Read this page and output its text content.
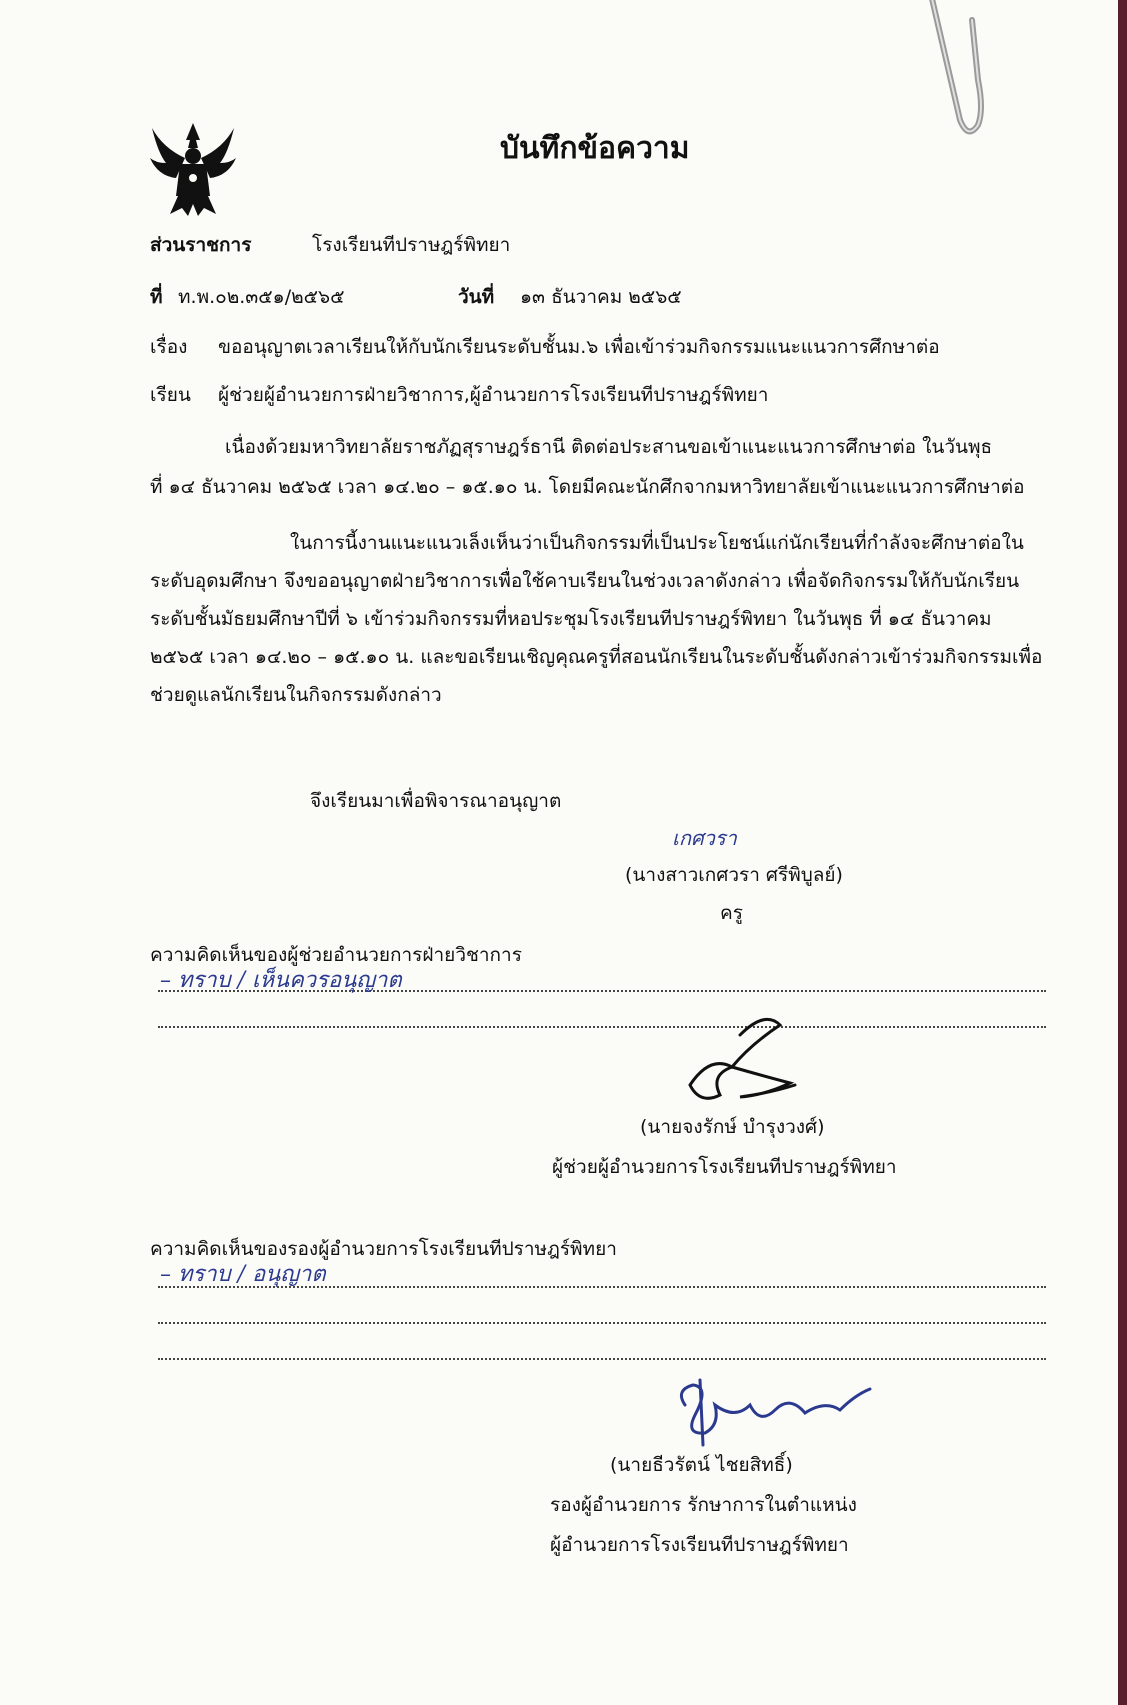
บันทึกข้อความ
ส่วนราชการ	โรงเรียนทีปราษฎร์พิทยา
ที่ ท.พ.๐๒.๓๕๑/๒๕๖๕	วันที่ ๑๓ ธันวาคม ๒๕๖๕
เรื่อง ขออนุญาตเวลาเรียนให้กับนักเรียนระดับชั้นม.๖ เพื่อเข้าร่วมกิจกรรมแนะแนวการศึกษาต่อ
เรียน ผู้ช่วยผู้อำนวยการฝ่ายวิชาการ,ผู้อำนวยการโรงเรียนทีปราษฎร์พิทยา
เนื่องด้วยมหาวิทยาลัยราชภัฏสุราษฎร์ธานี ติดต่อประสานขอเข้าแนะแนวการศึกษาต่อ ในวันพุธ
ที่ ๑๔ ธันวาคม ๒๕๖๕ เวลา ๑๔.๒๐ – ๑๕.๑๐ น. โดยมีคณะนักศึกจากมหาวิทยาลัยเข้าแนะแนวการศึกษาต่อ
ในการนี้งานแนะแนวเล็งเห็นว่าเป็นกิจกรรมที่เป็นประโยชน์แก่นักเรียนที่กำลังจะศึกษาต่อใน
ระดับอุดมศึกษา จึงขออนุญาตฝ่ายวิชาการเพื่อใช้คาบเรียนในช่วงเวลาดังกล่าว เพื่อจัดกิจกรรมให้กับนักเรียน
ระดับชั้นมัธยมศึกษาปีที่ ๖ เข้าร่วมกิจกรรมที่หอประชุมโรงเรียนทีปราษฎร์พิทยา ในวันพุธ ที่ ๑๔ ธันวาคม
๒๕๖๕ เวลา ๑๔.๒๐ – ๑๕.๑๐ น. และขอเรียนเชิญคุณครูที่สอนนักเรียนในระดับชั้นดังกล่าวเข้าร่วมกิจกรรมเพื่อ
ช่วยดูแลนักเรียนในกิจกรรมดังกล่าว
จึงเรียนมาเพื่อพิจารณาอนุญาต
เกศวรา
(นางสาวเกศวรา ศรีพิบูลย์)
ครู
ความคิดเห็นของผู้ช่วยอำนวยการฝ่ายวิชาการ
– ทราบ / เห็นควรอนุญาต
(นายจงรักษ์ บำรุงวงศ์)
ผู้ช่วยผู้อำนวยการโรงเรียนทีปราษฎร์พิทยา
ความคิดเห็นของรองผู้อำนวยการโรงเรียนทีปราษฎร์พิทยา
– ทราบ / อนุญาต
(นายธีวรัตน์ ไชยสิทธิ์)
รองผู้อำนวยการ รักษาการในตำแหน่ง
ผู้อำนวยการโรงเรียนทีปราษฎร์พิทยา
